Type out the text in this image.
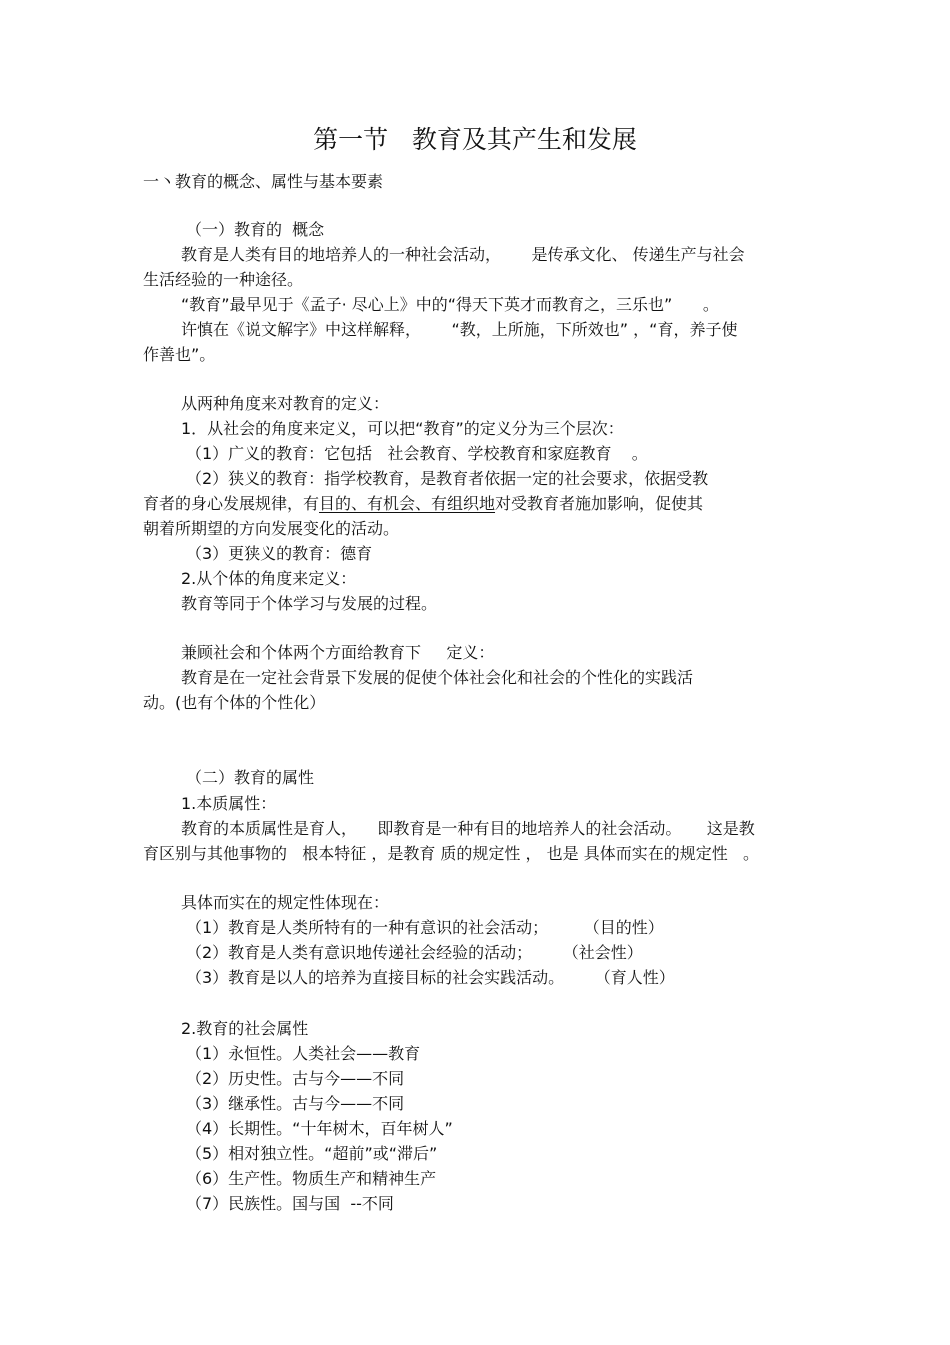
第一节   教育及其产生和发展
一丶教育的概念、属性与基本要素
（一）教育的  概念
教育是人类有目的地培养人的一种社会活动，      是传承文化、 传递生产与社会
生活经验的一种途径。
“教育”最早见于《孟子· 尽心上》中的“得天下英才而教育之，三乐也”      。
许慎在《说文解字》中这样解释，      “教，上所施，下所效也” ，“育，养子使
作善也”。
从两种角度来对教育的定义：
1．从社会的角度来定义，可以把“教育”的定义分为三个层次：
（1）广义的教育：它包括   社会教育、学校教育和家庭教育    。
（2）狭义的教育：指学校教育，是教育者依据一定的社会要求，依据受教
育者的身心发展规律，有目的、有机会、有组织地对受教育者施加影响，促使其
朝着所期望的方向发展变化的活动。
（3）更狭义的教育：德育
2.从个体的角度来定义：
教育等同于个体学习与发展的过程。
兼顾社会和个体两个方面给教育下     定义：
教育是在一定社会背景下发展的促使个体社会化和社会的个性化的实践活
动。(也有个体的个性化）
（二）教育的属性
1.本质属性：
教育的本质属性是育人，    即教育是一种有目的地培养人的社会活动。     这是教
育区别与其他事物的   根本特征 ，是教育 质的规定性 ， 也是 具体而实在的规定性   。
具体而实在的规定性体现在：
（1）教育是人类所特有的一种有意识的社会活动；       （目的性）
（2）教育是人类有意识地传递社会经验的活动；      （社会性）
（3）教育是以人的培养为直接目标的社会实践活动。      （育人性）
2.教育的社会属性
（1）永恒性。人类社会——教育
（2）历史性。古与今——不同
（3）继承性。古与今——不同
（4）长期性。“十年树木，百年树人”
（5）相对独立性。“超前”或“滞后”
（6）生产性。物质生产和精神生产
（7）民族性。国与国  --不同
